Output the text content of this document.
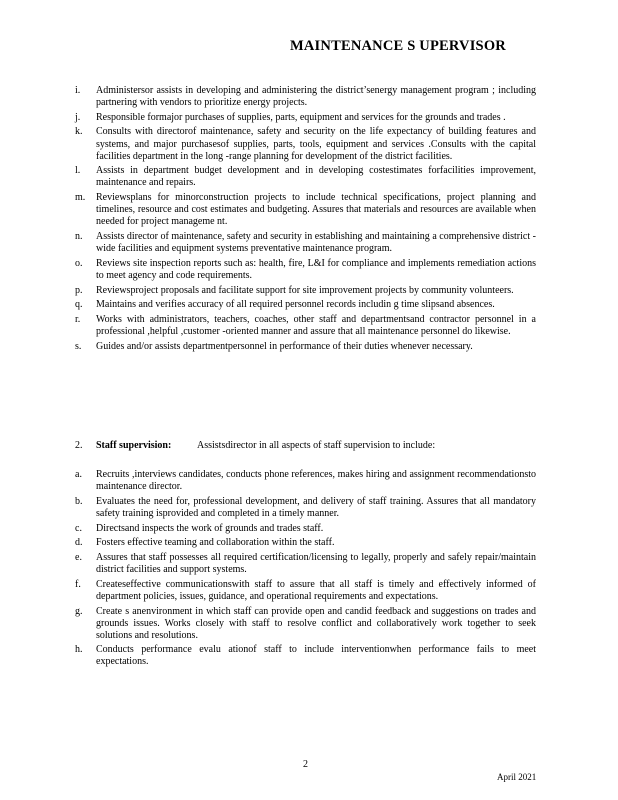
MAINTENANCE S UPERVISOR
i.	Administersor assists in developing and administering the district’senergy management program ; including partnering with vendors to prioritize energy projects.
j.	Responsible formajor purchases of supplies, parts, equipment and services for the grounds and trades .
k.	Consults with directorof maintenance, safety and security on the life expectancy of building features and systems, and major purchasesof supplies, parts, tools, equipment and services .Consults with the capital facilities department in the long -range planning for development of the district facilities.
l.	Assists in department budget development and in developing costestimates forfacilities improvement, maintenance and repairs.
m.	Reviewsplans for minorconstruction projects to include technical specifications, project planning and timelines, resource and cost estimates and budgeting. Assures that materials and resources are available when needed for project manageme nt.
n.	Assists director of maintenance, safety and security in establishing and maintaining a comprehensive district -wide facilities and equipment systems preventative maintenance program.
o.	Reviews site inspection reports such as: health, fire, L&I for compliance and implements remediation actions to meet agency and code requirements.
p.	Reviewsproject proposals and facilitate support for site improvement projects by community volunteers.
q.	Maintains and verifies accuracy of all required personnel records includin g time slipsand absences.
r.	Works with administrators, teachers, coaches, other staff and departmentsand contractor personnel in a professional ,helpful ,customer -oriented manner and assure that all maintenance personnel do likewise.
s.	Guides and/or assists departmentpersonnel in performance of their duties whenever necessary.
2. Staff supervision:	Assistsdirector in all aspects of staff supervision to include:
a.	Recruits ,interviews candidates, conducts phone references, makes hiring and assignment recommendationsto maintenance director.
b.	Evaluates the need for, professional development, and delivery of staff training. Assures that all mandatory safety training isprovided and completed in a timely manner.
c.	Directsand inspects the work of grounds and trades staff.
d.	Fosters effective teaming and collaboration within the staff.
e.	Assures that staff possesses all required certification/licensing to legally, properly and safely repair/maintain district facilities and support systems.
f.	Createseffective communicationswith staff to assure that all staff is timely and effectively informed of department policies, issues, guidance, and operational requirements and expectations.
g.	Create s anenvironment in which staff can provide open and candid feedback and suggestions on trades and grounds issues. Works closely with staff to resolve conflict and collaboratively work together to seek solutions and resolutions.
h.	Conducts performance evalu ationof staff to include interventionwhen performance fails to meet expectations.
2
April 2021
